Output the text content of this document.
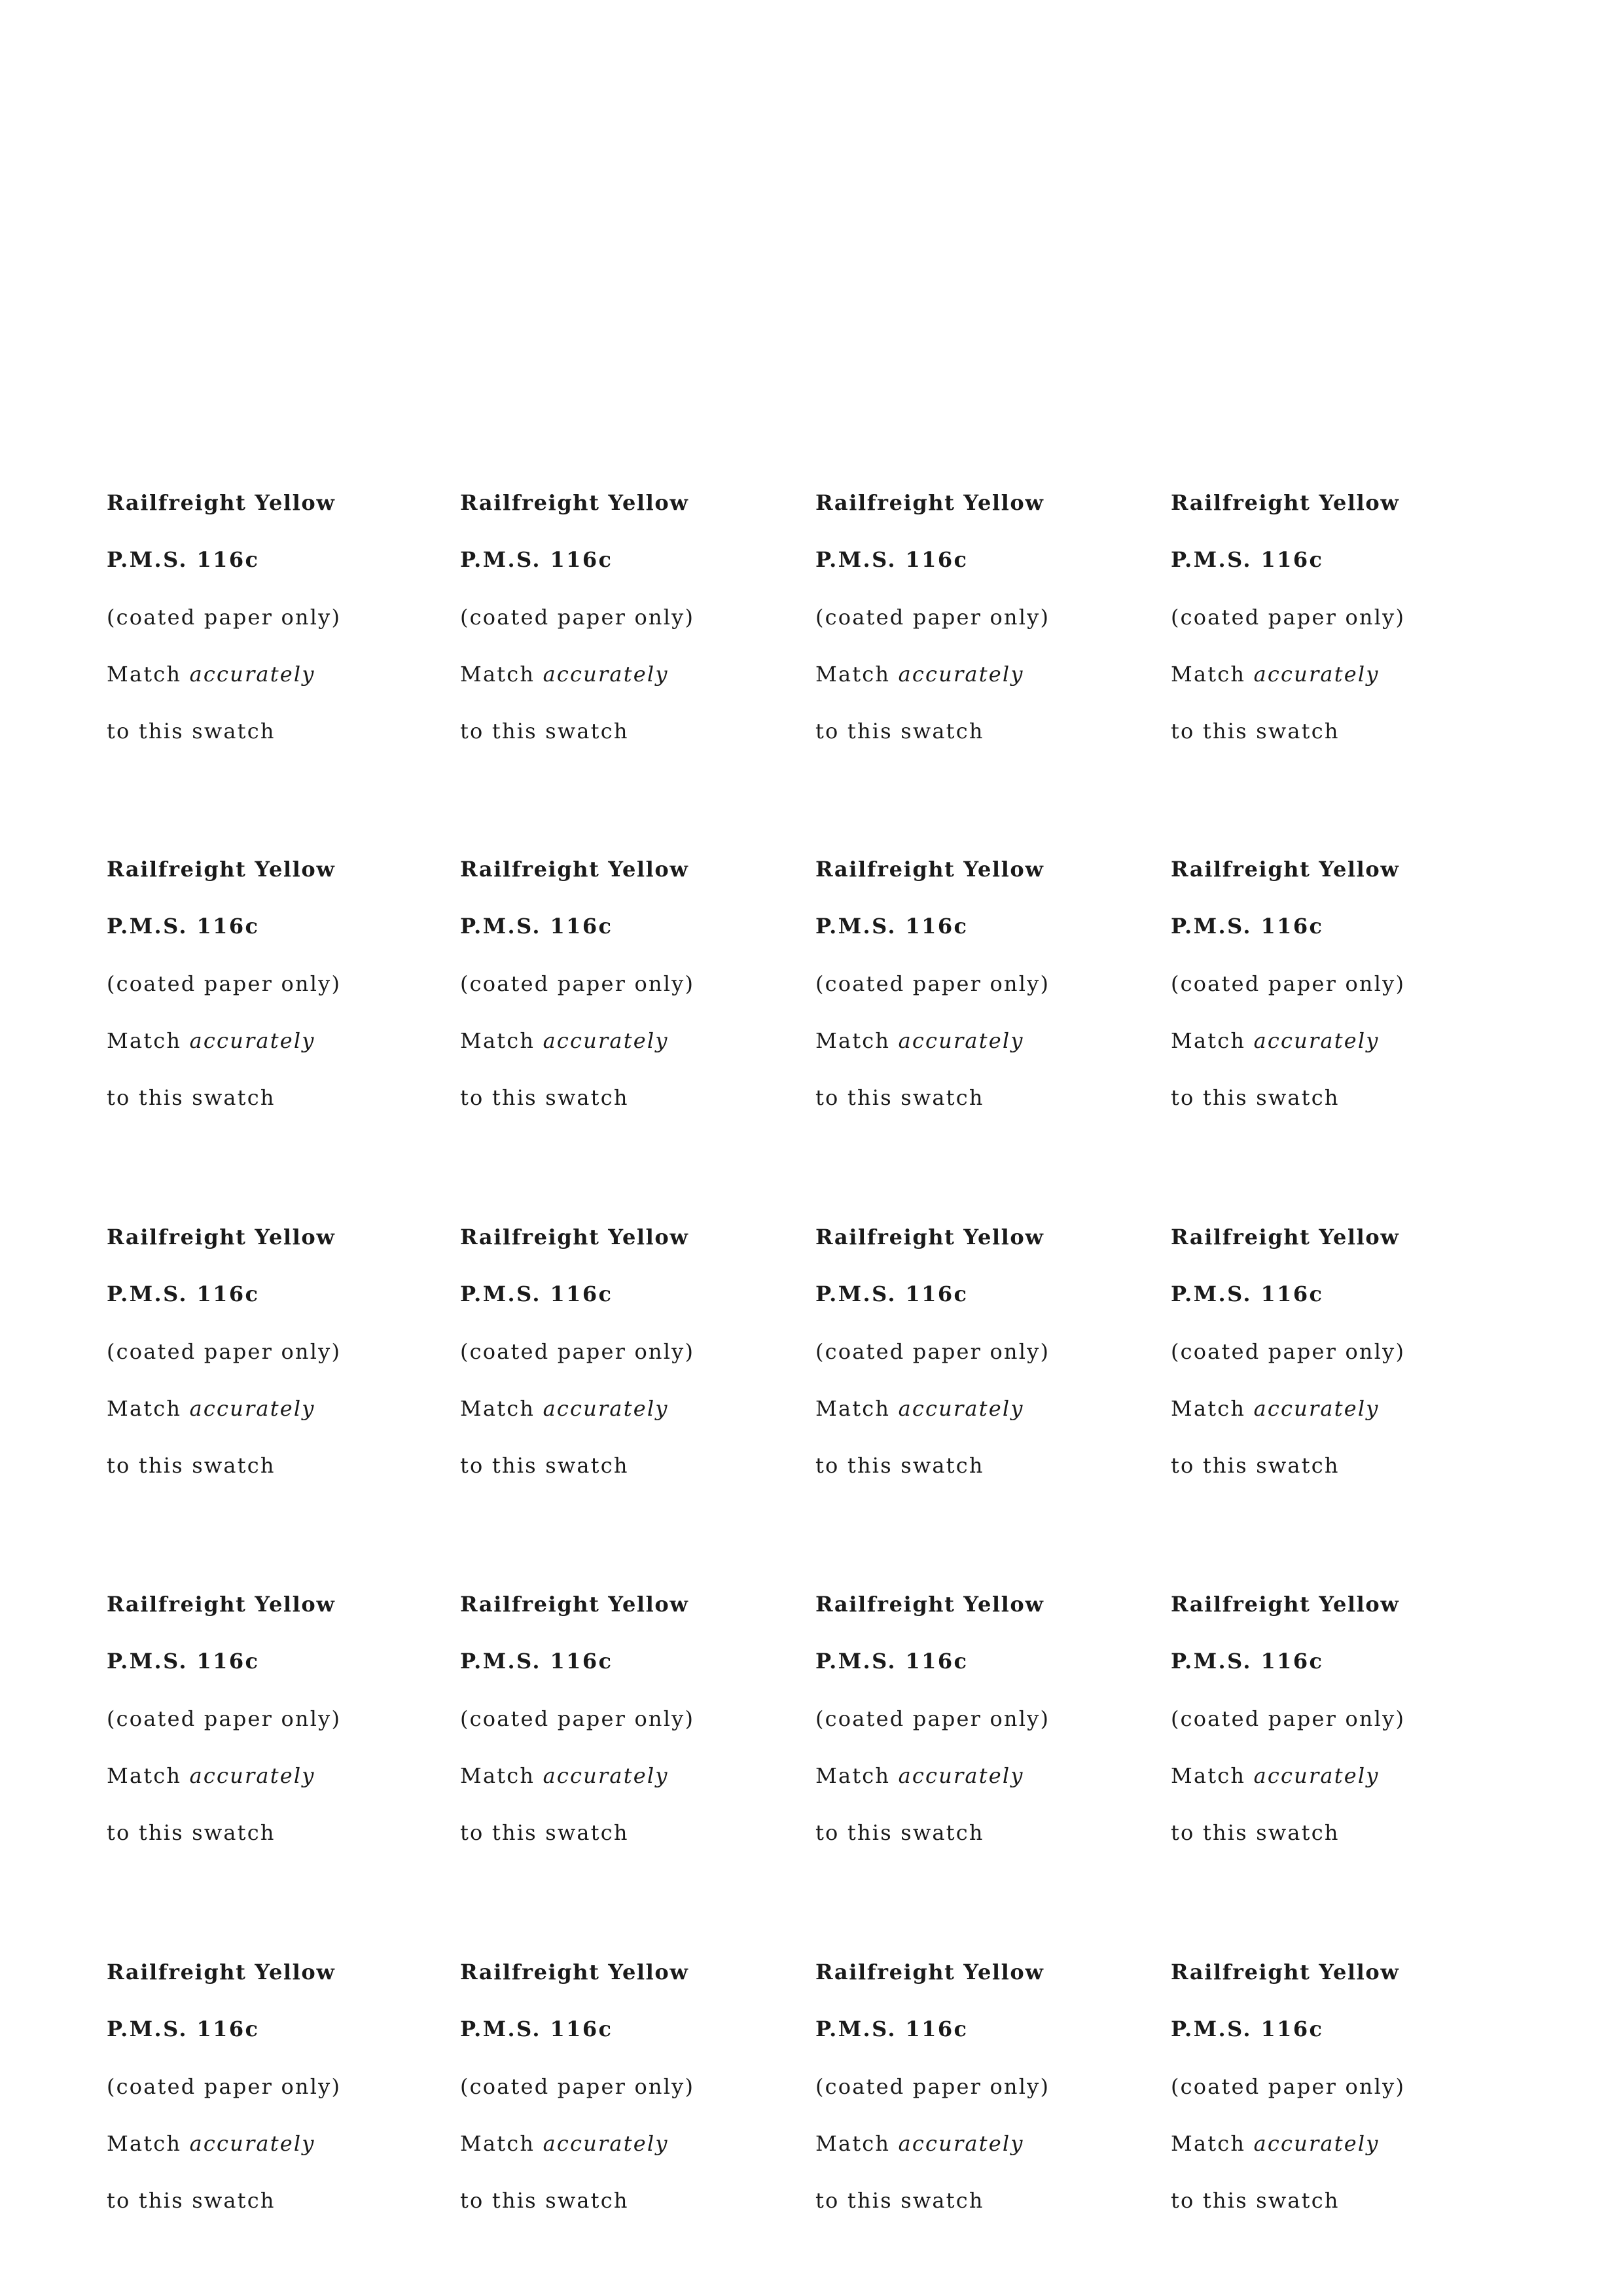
Railfreight Yellow
P.M.S. 116c
(coated paper only)
Match accurately
to this swatch
Railfreight Yellow
P.M.S. 116c
(coated paper only)
Match accurately
to this swatch
Railfreight Yellow
P.M.S. 116c
(coated paper only)
Match accurately
to this swatch
Railfreight Yellow
P.M.S. 116c
(coated paper only)
Match accurately
to this swatch
Railfreight Yellow
P.M.S. 116c
(coated paper only)
Match accurately
to this swatch
Railfreight Yellow
P.M.S. 116c
(coated paper only)
Match accurately
to this swatch
Railfreight Yellow
P.M.S. 116c
(coated paper only)
Match accurately
to this swatch
Railfreight Yellow
P.M.S. 116c
(coated paper only)
Match accurately
to this swatch
Railfreight Yellow
P.M.S. 116c
(coated paper only)
Match accurately
to this swatch
Railfreight Yellow
P.M.S. 116c
(coated paper only)
Match accurately
to this swatch
Railfreight Yellow
P.M.S. 116c
(coated paper only)
Match accurately
to this swatch
Railfreight Yellow
P.M.S. 116c
(coated paper only)
Match accurately
to this swatch
Railfreight Yellow
P.M.S. 116c
(coated paper only)
Match accurately
to this swatch
Railfreight Yellow
P.M.S. 116c
(coated paper only)
Match accurately
to this swatch
Railfreight Yellow
P.M.S. 116c
(coated paper only)
Match accurately
to this swatch
Railfreight Yellow
P.M.S. 116c
(coated paper only)
Match accurately
to this swatch
Railfreight Yellow
P.M.S. 116c
(coated paper only)
Match accurately
to this swatch
Railfreight Yellow
P.M.S. 116c
(coated paper only)
Match accurately
to this swatch
Railfreight Yellow
P.M.S. 116c
(coated paper only)
Match accurately
to this swatch
Railfreight Yellow
P.M.S. 116c
(coated paper only)
Match accurately
to this swatch
